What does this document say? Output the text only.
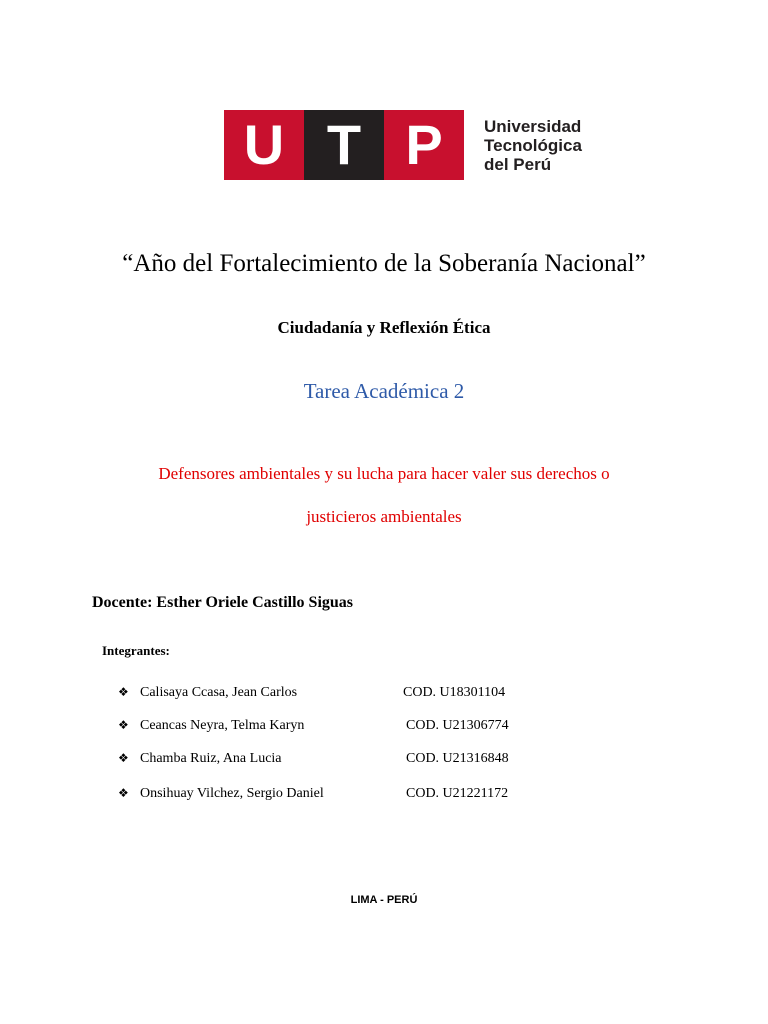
U T P	Universidad
Tecnológica
del Perú
“Año del Fortalecimiento de la Soberanía Nacional”
Ciudadanía y Reflexión Ética
Tarea Académica 2
Defensores ambientales y su lucha para hacer valer sus derechos o
justicieros ambientales
Docente: Esther Oriele Castillo Siguas
Integrantes:
❖ Calisaya Ccasa, Jean Carlos	COD. U18301104
❖ Ceancas Neyra, Telma Karyn	COD. U21306774
❖ Chamba Ruiz, Ana Lucia	COD. U21316848
❖ Onsihuay Vilchez, Sergio Daniel	COD. U21221172
LIMA - PERÚ
